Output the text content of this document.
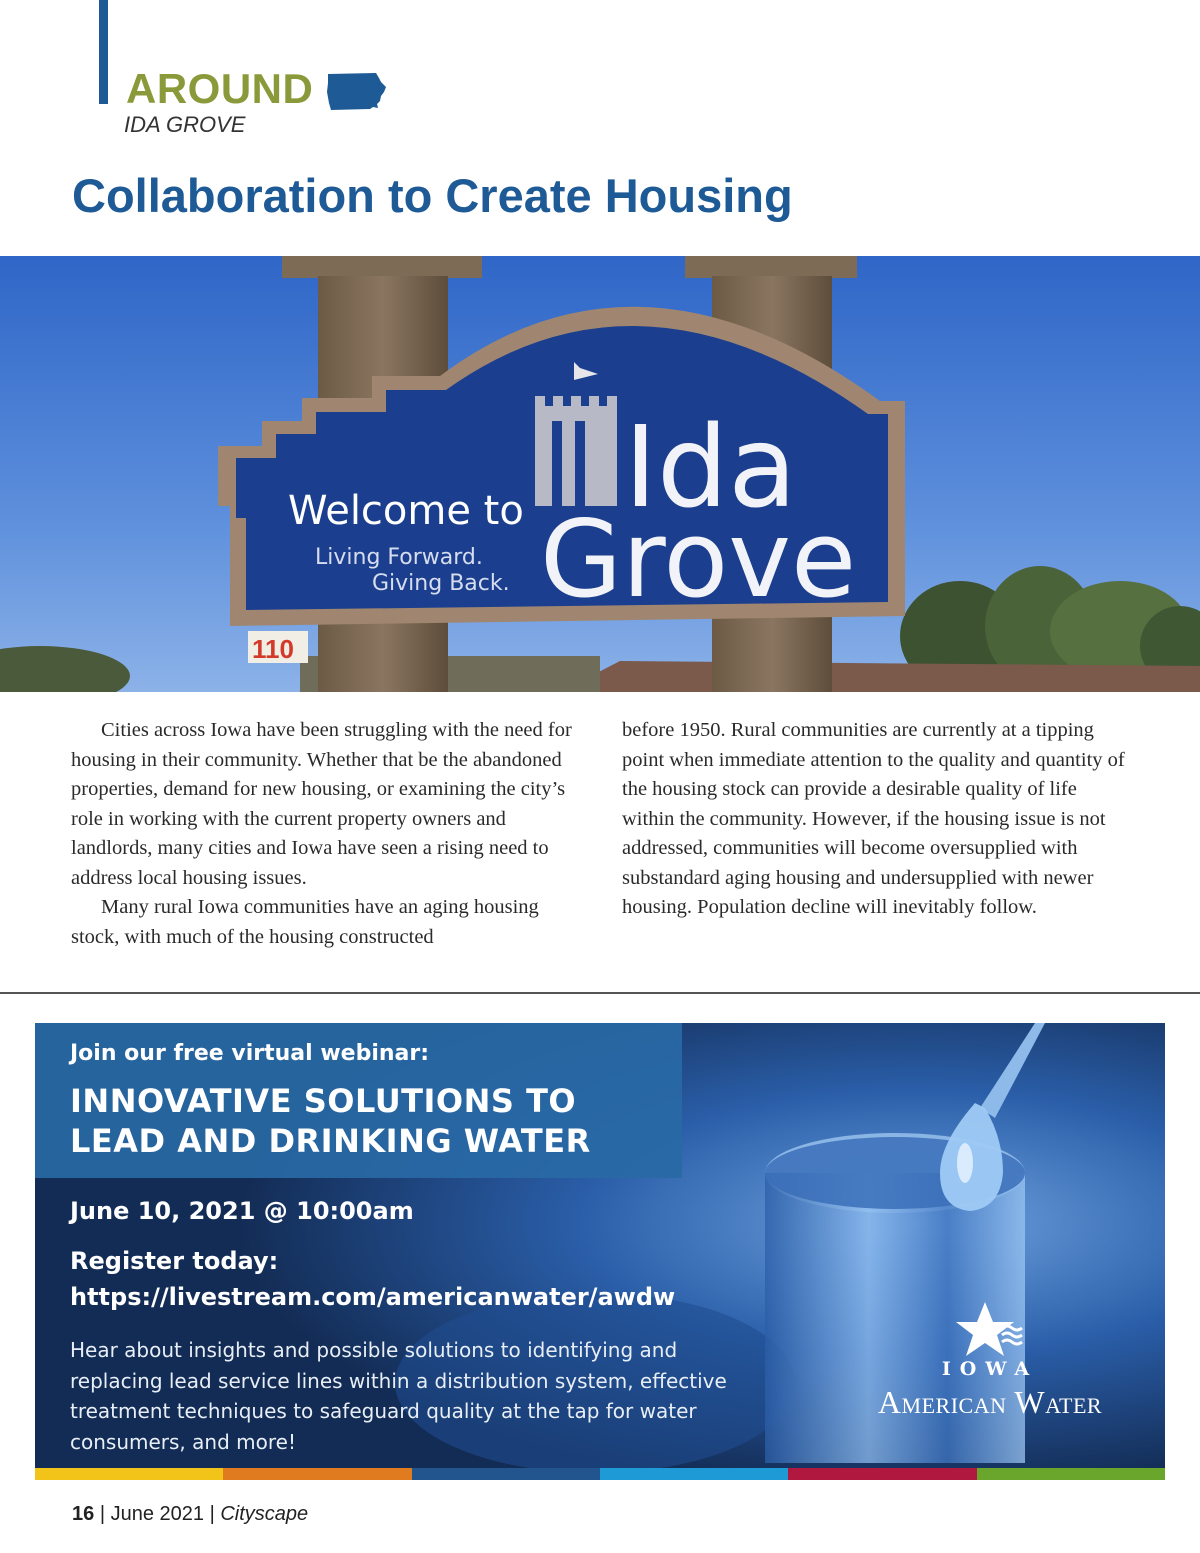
AROUND
IDA GROVE
Collaboration to Create Housing
110
Welcome to
Living Forward.
Giving Back.
Ida
Grove

Cities across Iowa have been struggling with the need for housing in their community. Whether that be the abandoned properties, demand for new housing, or examining the city’s role in working with the current property owners and landlords, many cities and Iowa have seen a rising need to address local housing issues.

Many rural Iowa communities have an aging housing stock, with much of the housing constructed

before 1950. Rural communities are currently at a tipping point when immediate attention to the quality and quantity of the housing stock can provide a desirable quality of life within the community. However, if the housing issue is not addressed, communities will become oversupplied with substandard aging housing and undersupplied with newer housing. Population decline will inevitably follow.

Join our free virtual webinar:
INNOVATIVE SOLUTIONS TO LEAD AND DRINKING WATER
June 10, 2021 @ 10:00am
Register today:
https://livestream.com/americanwater/awdw
Hear about insights and possible solutions to identifying and replacing lead service lines within a distribution system, effective treatment techniques to safeguard quality at the tap for water consumers, and more!
IOWA
American Water
16 | June 2021 | Cityscape
